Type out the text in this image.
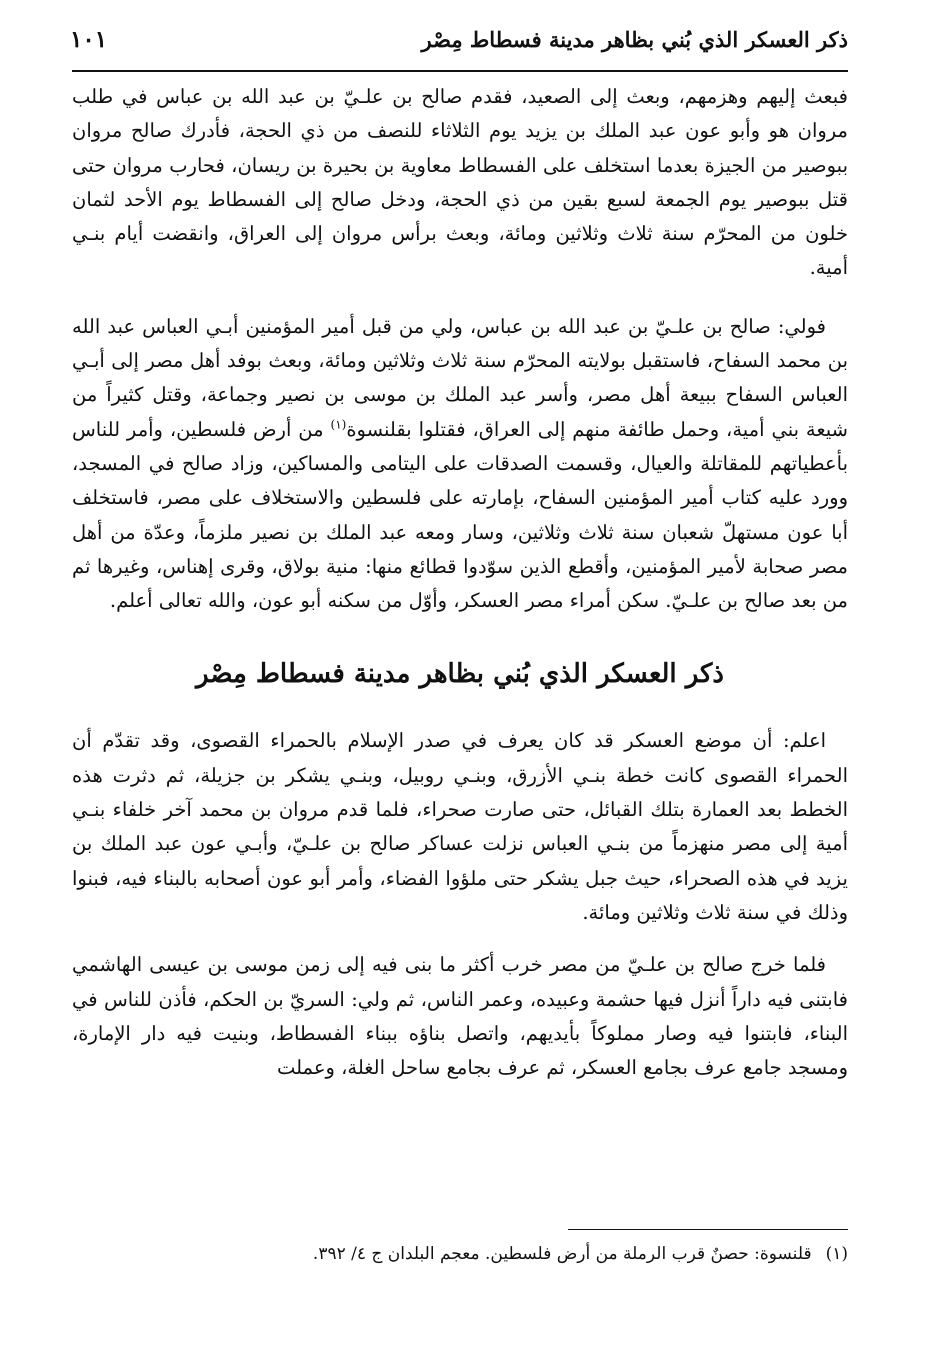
ذكر العسكر الذي بُني بظاهر مدينة فسطاط مِصْر
١٠١

فبعث إليهم وهزمهم، وبعث إلى الصعيد، فقدم صالح بن علـيّ بن عبد الله بن عباس في طلب مروان هو وأبو عون عبد الملك بن يزيد يوم الثلاثاء للنصف من ذي الحجة، فأدرك صالح مروان ببوصير من الجيزة بعدما استخلف على الفسطاط معاوية بن بحيرة بن ريسان، فحارب مروان حتى قتل ببوصير يوم الجمعة لسبع بقين من ذي الحجة، ودخل صالح إلى الفسطاط يوم الأحد لثمان خلون من المحرّم سنة ثلاث وثلاثين ومائة، وبعث برأس مروان إلى العراق، وانقضت أيام بنـي أمية.

فولي: صالح بن علـيّ بن عبد الله بن عباس، ولي من قبل أمير المؤمنين أبـي العباس عبد الله بن محمد السفاح، فاستقبل بولايته المحرّم سنة ثلاث وثلاثين ومائة، وبعث بوفد أهل مصر إلى أبـي العباس السفاح ببيعة أهل مصر، وأسر عبد الملك بن موسى بن نصير وجماعة، وقتل كثيراً من شيعة بني أمية، وحمل طائفة منهم إلى العراق، فقتلوا بقلنسوة$^{(١)}$ من أرض فلسطين، وأمر للناس بأعطياتهم للمقاتلة والعيال، وقسمت الصدقات على اليتامى والمساكين، وزاد صالح في المسجد، وورد عليه كتاب أمير المؤمنين السفاح، بإمارته على فلسطين والاستخلاف على مصر، فاستخلف أبا عون مستهلّ شعبان سنة ثلاث وثلاثين، وسار ومعه عبد الملك بن نصير ملزماً، وعدّة من أهل مصر صحابة لأمير المؤمنين، وأقطع الذين سوّدوا قطائع منها: منية بولاق، وقرى إهناس، وغيرها ثم من بعد صالح بن علـيّ. سكن أمراء مصر العسكر، وأوّل من سكنه أبو عون، والله تعالى أعلم.

ذكر العسكر الذي بُني بظاهر مدينة فسطاط مِصْر

اعلم: أن موضع العسكر قد كان يعرف في صدر الإسلام بالحمراء القصوى، وقد تقدّم أن الحمراء القصوى كانت خطة بنـي الأزرق، وبنـي روبيل، وبنـي يشكر بن جزيلة، ثم دثرت هذه الخطط بعد العمارة بتلك القبائل، حتى صارت صحراء، فلما قدم مروان بن محمد آخر خلفاء بنـي أمية إلى مصر منهزماً من بنـي العباس نزلت عساكر صالح بن علـيّ، وأبـي عون عبد الملك بن يزيد في هذه الصحراء، حيث جبل يشكر حتى ملؤوا الفضاء، وأمر أبو عون أصحابه بالبناء فيه، فبنوا وذلك في سنة ثلاث وثلاثين ومائة.

فلما خرج صالح بن علـيّ من مصر خرب أكثر ما بنى فيه إلى زمن موسى بن عيسى الهاشمي فابتنى فيه داراً أنزل فيها حشمة وعبيده، وعمر الناس، ثم ولي: السريّ بن الحكم، فأذن للناس في البناء، فابتنوا فيه وصار مملوكاً بأيديهم، واتصل بناؤه ببناء الفسطاط، وبنيت فيه دار الإمارة، ومسجد جامع عرف بجامع العسكر، ثم عرف بجامع ساحل الغلة، وعملت

(١)قلنسوة: حصنٌ قرب الرملة من أرض فلسطين. معجم البلدان ج ٤/ ٣٩٢.
